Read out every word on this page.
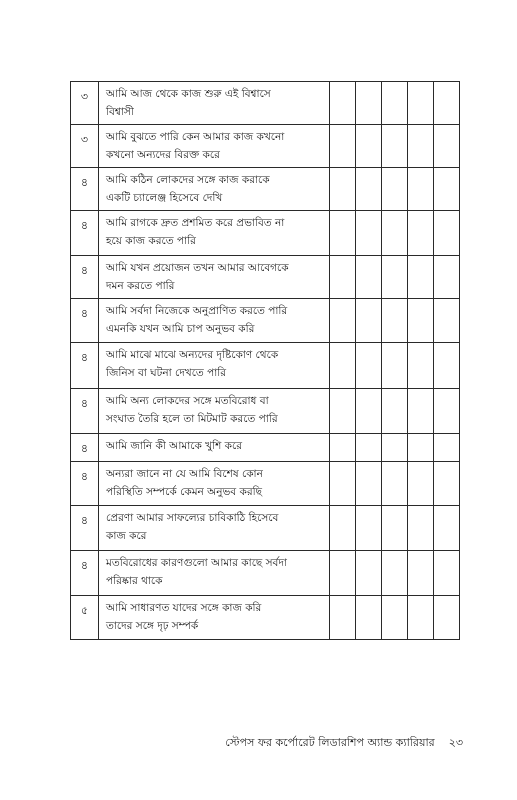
৩	আমি আজ থেকে কাজ শুরু এই বিশ্বাসে
বিশ্বাসী					

৩	আমি বুঝতে পারি কেন আমার কাজ কখনো
কখনো অন্যদের বিরক্ত করে					

৪	আমি কঠিন লোকদের সঙ্গে কাজ করাকে
একটি চ্যালেঞ্জ হিসেবে দেখি					

৪	আমি রাগকে দ্রুত প্রশমিত করে প্রভাবিত না
হয়ে কাজ করতে পারি					

৪	আমি যখন প্রয়োজন তখন আমার আবেগকে
দমন করতে পারি					

৪	আমি সর্বদা নিজেকে অনুপ্রাণিত করতে পারি
এমনকি যখন আমি চাপ অনুভব করি					

৪	আমি মাঝে মাঝে অন্যদের দৃষ্টিকোণ থেকে
জিনিস বা ঘটনা দেখতে পারি					

৪	আমি অন্য লোকদের সঙ্গে মতবিরোধ বা
সংঘাত তৈরি হলে তা মিটমাট করতে পারি					

৪	আমি জানি কী আমাকে খুশি করে					

৪	অন্যরা জানে না যে আমি বিশেষ কোন
পরিস্থিতি সম্পর্কে কেমন অনুভব করছি					

৪	প্রেরণা আমার সাফল্যের চাবিকাঠি হিসেবে
কাজ করে					

৪	মতবিরোধের কারণগুলো আমার কাছে সর্বদা
পরিষ্কার থাকে					

৫	আমি সাধারণত যাদের সঙ্গে কাজ করি
তাদের সঙ্গে দৃঢ় সম্পর্ক					

স্টেপস ফর কর্পোরেট লিডারশিপ অ্যান্ড ক্যারিয়ার ২৩
